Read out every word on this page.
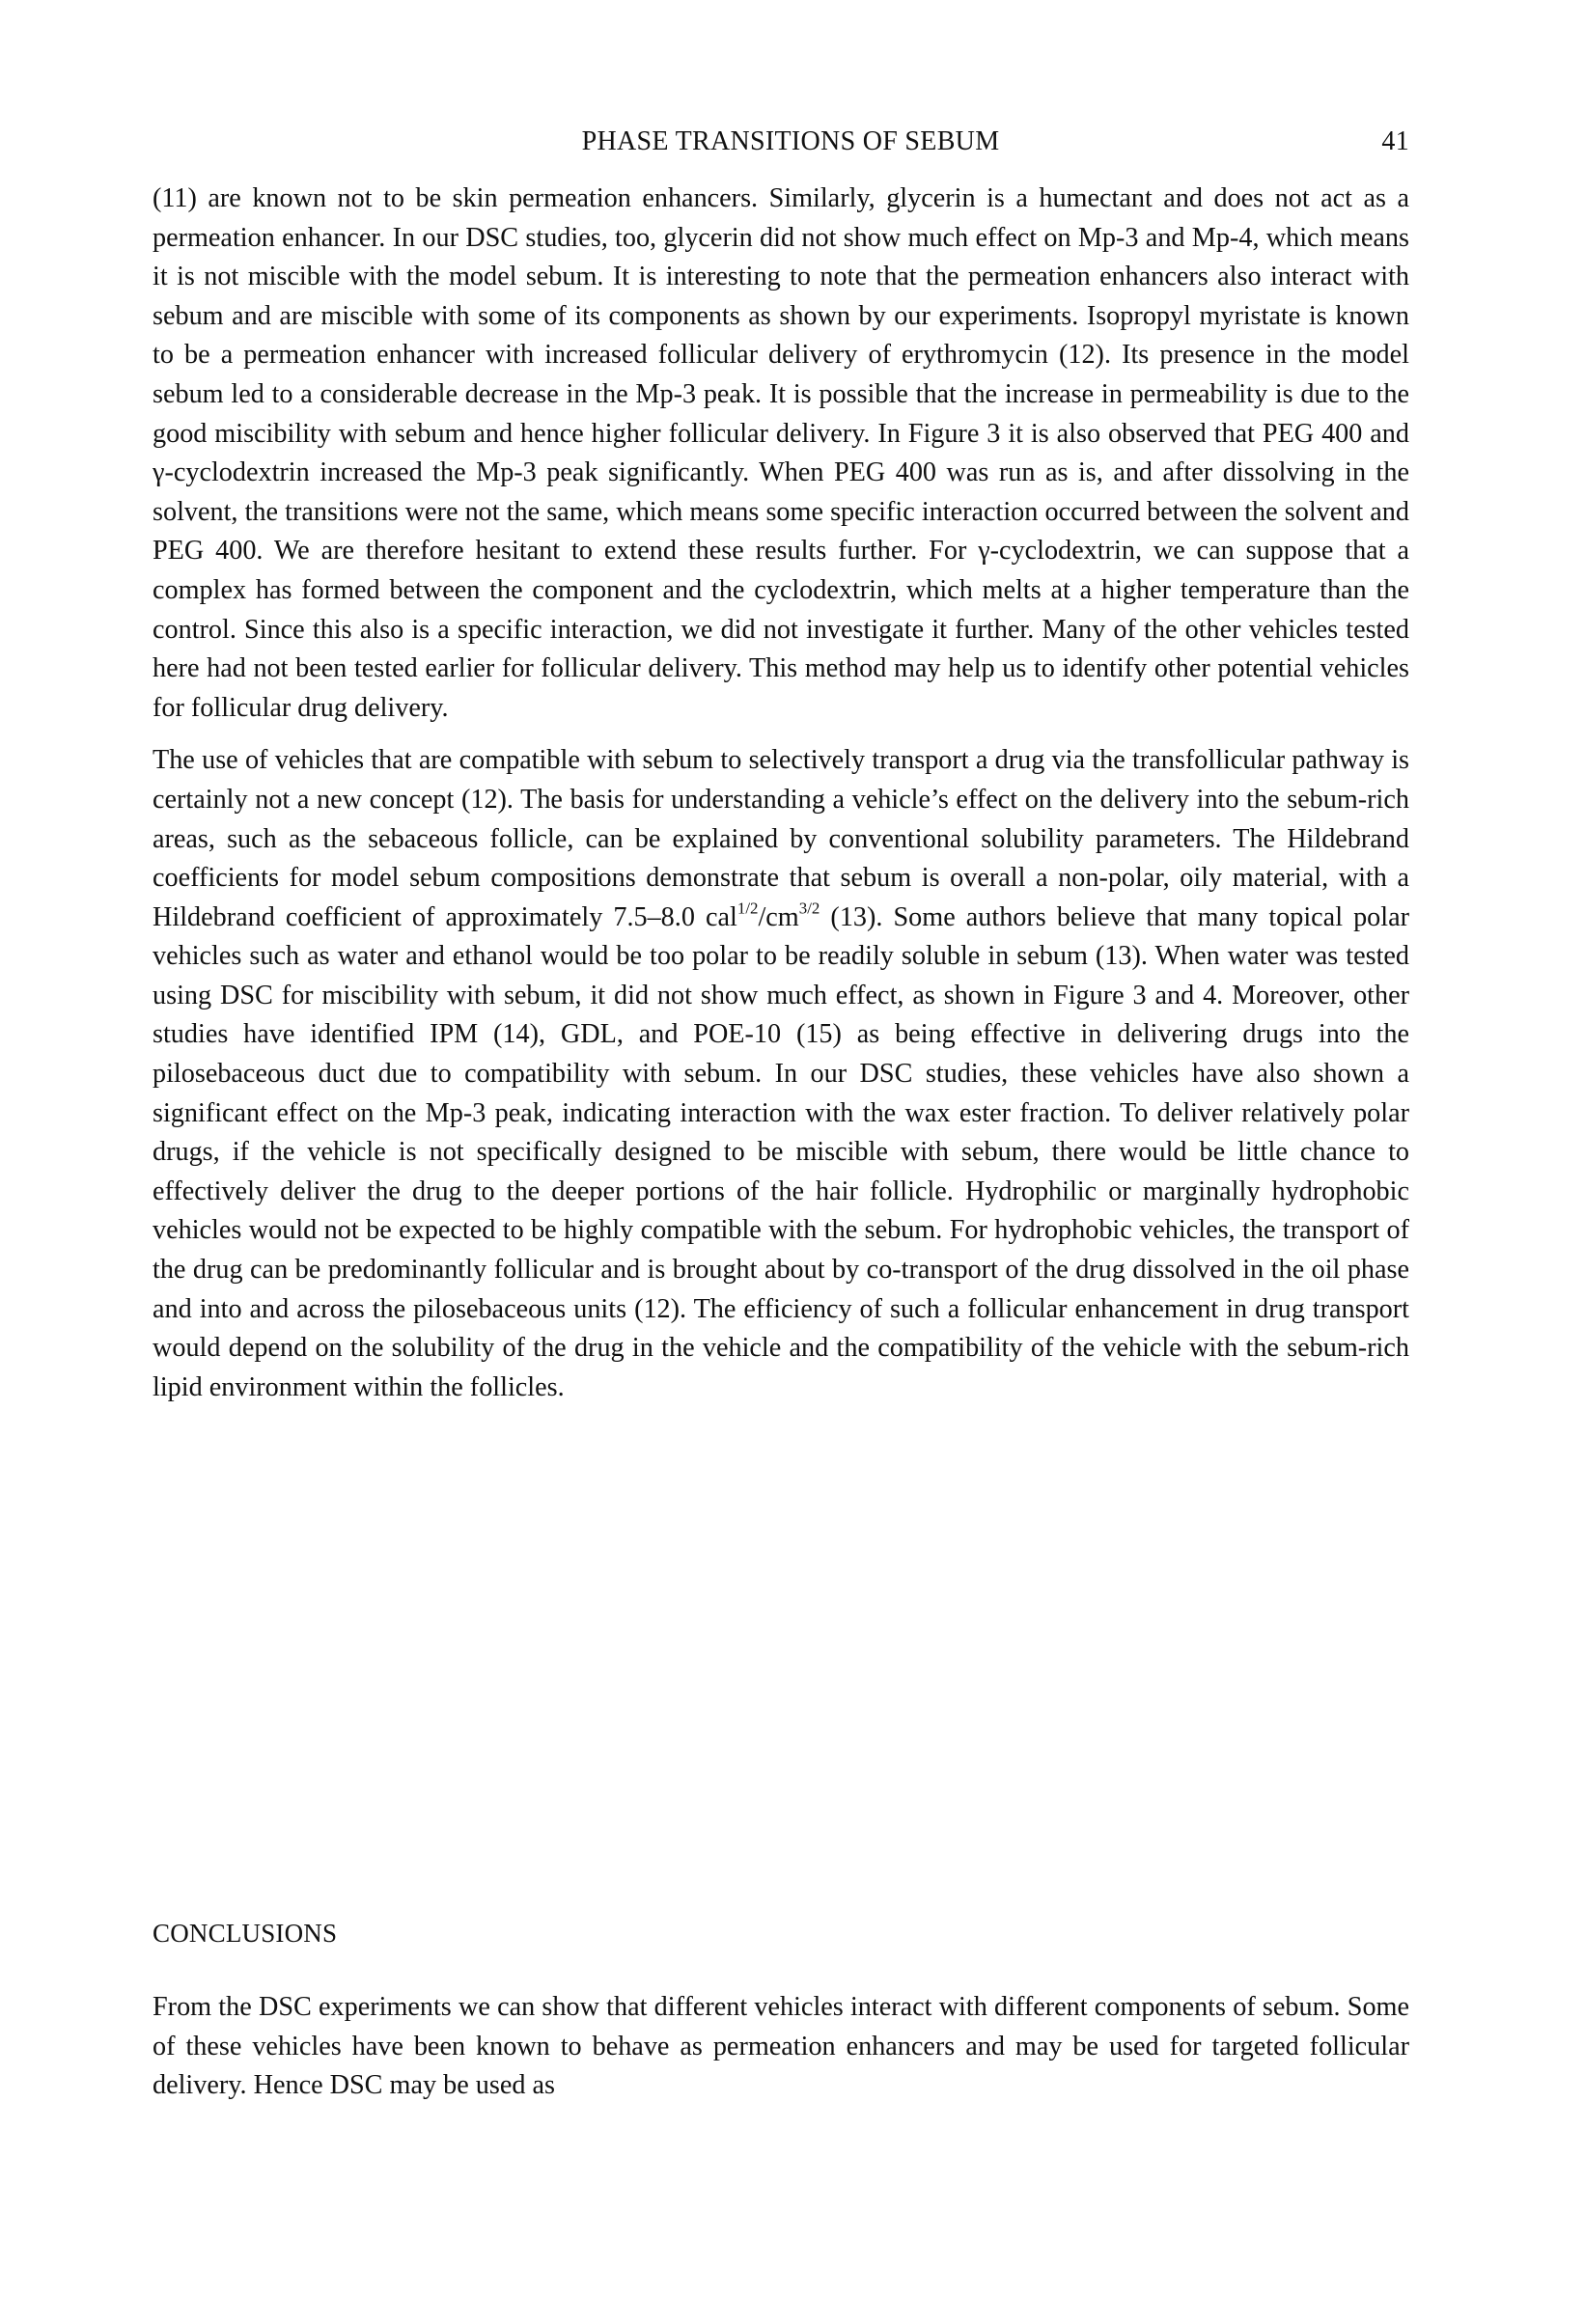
PHASE TRANSITIONS OF SEBUM	41

(11) are known not to be skin permeation enhancers. Similarly, glycerin is a humectant and does not act as a permeation enhancer. In our DSC studies, too, glycerin did not show much effect on Mp-3 and Mp-4, which means it is not miscible with the model sebum. It is interesting to note that the permeation enhancers also interact with sebum and are miscible with some of its components as shown by our experiments. Isopropyl myristate is known to be a permeation enhancer with increased follicular delivery of erythromycin (12). Its presence in the model sebum led to a considerable decrease in the Mp-3 peak. It is possible that the increase in permeability is due to the good miscibility with sebum and hence higher follicular delivery. In Figure 3 it is also observed that PEG 400 and γ-cyclodextrin increased the Mp-3 peak significantly. When PEG 400 was run as is, and after dissolving in the solvent, the transitions were not the same, which means some specific interaction occurred between the solvent and PEG 400. We are therefore hesitant to extend these results further. For γ-cyclodextrin, we can suppose that a complex has formed between the component and the cyclodextrin, which melts at a higher temperature than the control. Since this also is a specific interaction, we did not investigate it further. Many of the other vehicles tested here had not been tested earlier for follicular delivery. This method may help us to identify other potential vehicles for follicular drug delivery.

The use of vehicles that are compatible with sebum to selectively transport a drug via the transfollicular pathway is certainly not a new concept (12). The basis for understanding a vehicle’s effect on the delivery into the sebum-rich areas, such as the sebaceous follicle, can be explained by conventional solubility parameters. The Hildebrand coefficients for model sebum compositions demonstrate that sebum is overall a non-polar, oily material, with a Hildebrand coefficient of approximately 7.5–8.0 $cal^{1/2}/cm^{3/2}$ (13). Some authors believe that many topical polar vehicles such as water and ethanol would be too polar to be readily soluble in sebum (13). When water was tested using DSC for miscibility with sebum, it did not show much effect, as shown in Figure 3 and 4. Moreover, other studies have identified IPM (14), GDL, and POE-10 (15) as being effective in delivering drugs into the pilosebaceous duct due to compatibility with sebum. In our DSC studies, these vehicles have also shown a significant effect on the Mp-3 peak, indicating interaction with the wax ester fraction. To deliver relatively polar drugs, if the vehicle is not specifically designed to be miscible with sebum, there would be little chance to effectively deliver the drug to the deeper portions of the hair follicle. Hydrophilic or marginally hydrophobic vehicles would not be expected to be highly compatible with the sebum. For hydrophobic vehicles, the transport of the drug can be predominantly follicular and is brought about by co-transport of the drug dissolved in the oil phase and into and across the pilosebaceous units (12). The efficiency of such a follicular enhancement in drug transport would depend on the solubility of the drug in the vehicle and the compatibility of the vehicle with the sebum-rich lipid environment within the follicles.

CONCLUSIONS

From the DSC experiments we can show that different vehicles interact with different components of sebum. Some of these vehicles have been known to behave as permeation enhancers and may be used for targeted follicular delivery. Hence DSC may be used as
